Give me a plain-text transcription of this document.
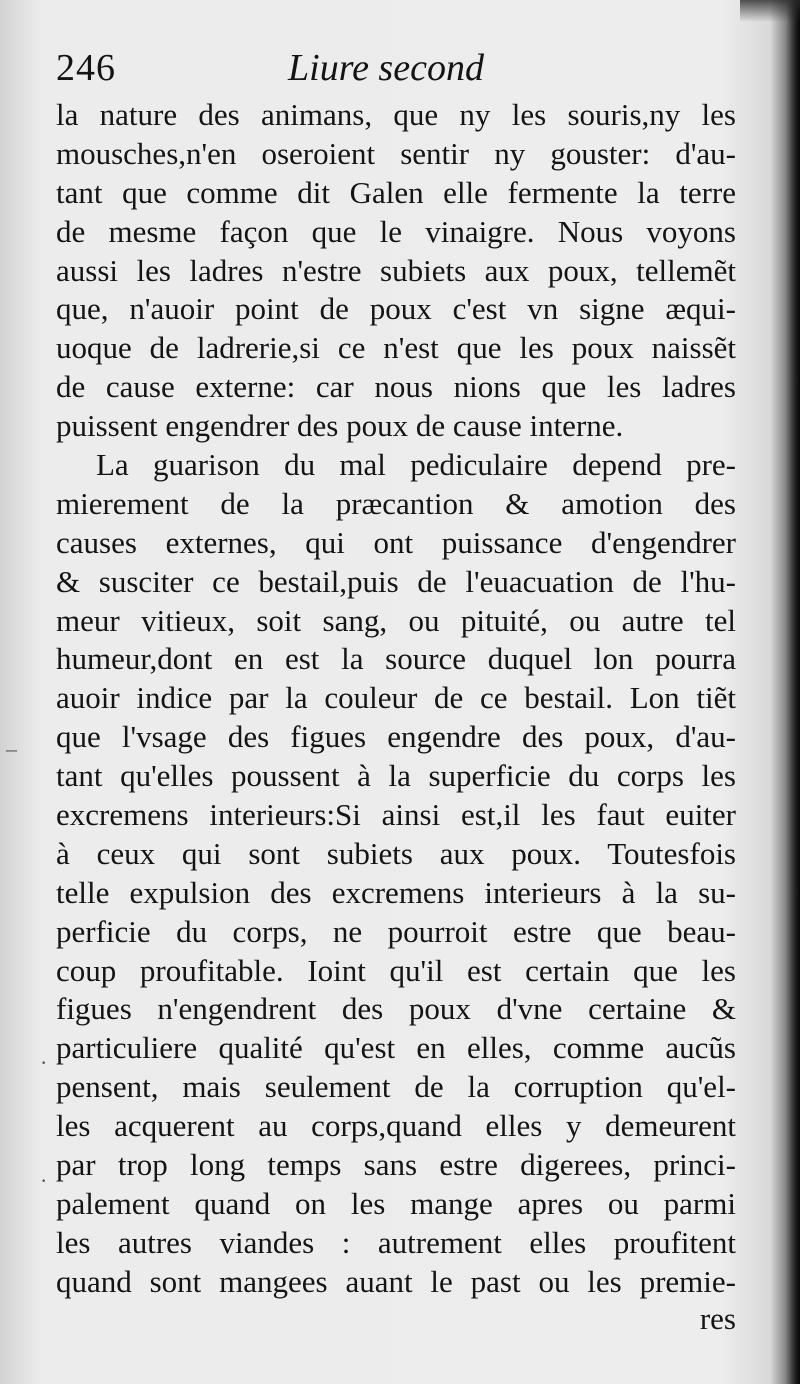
246	Liure second
la nature des animans, que ny les souris,ny les
mousches,n'en oseroient sentir ny gouster: d'au-
tant que comme dit Galen elle fermente la terre
de mesme façon que le vinaigre. Nous voyons
aussi les ladres n'estre subiets aux poux, tellemẽt
que, n'auoir point de poux c'est vn signe æqui-
uoque de ladrerie,si ce n'est que les poux naissẽt
de cause externe: car nous nions que les ladres
puissent engendrer des poux de cause interne.
La guarison du mal pediculaire depend pre-
mierement de la præcantion & amotion des
causes externes, qui ont puissance d'engendrer
& susciter ce bestail,puis de l'euacuation de l'hu-
meur vitieux, soit sang, ou pituité, ou autre tel
humeur,dont en est la source duquel lon pourra
auoir indice par la couleur de ce bestail. Lon tiẽt
que l'vsage des figues engendre des poux, d'au-
tant qu'elles poussent à la superficie du corps les
excremens interieurs:Si ainsi est,il les faut euiter
à ceux qui sont subiets aux poux. Toutesfois
telle expulsion des excremens interieurs à la su-
perficie du corps, ne pourroit estre que beau-
coup proufitable. Ioint qu'il est certain que les
figues n'engendrent des poux d'vne certaine &
particuliere qualité qu'est en elles, comme aucũs
pensent, mais seulement de la corruption qu'el-
les acquerent au corps,quand elles y demeurent
par trop long temps sans estre digerees, princi-
palement quand on les mange apres ou parmi
les autres viandes : autrement elles proufitent
quand sont mangees auant le past ou les premie-
res
–
·
·
